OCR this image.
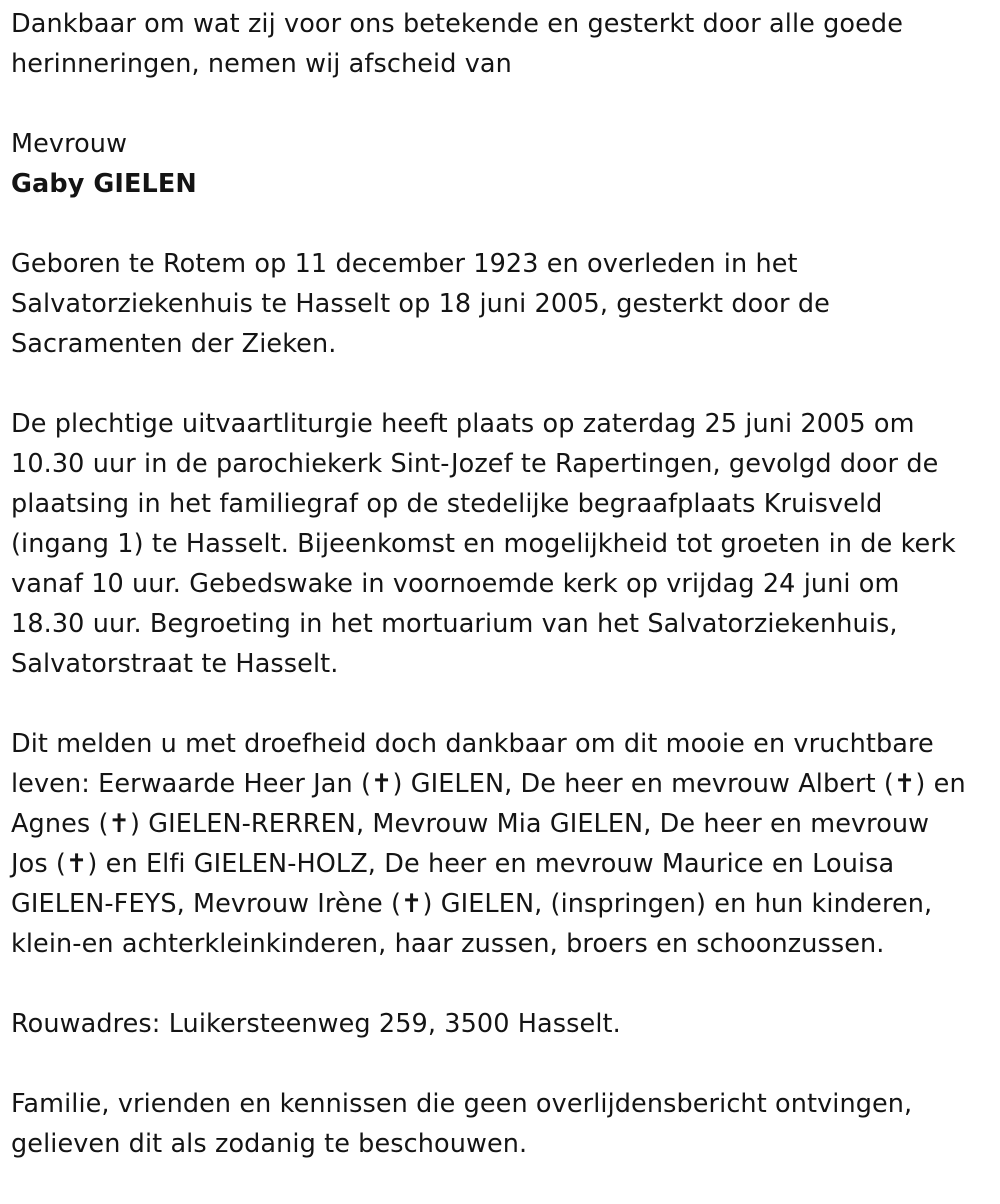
Dankbaar om wat zij voor ons betekende en gesterkt door alle goede
herinneringen, nemen wij afscheid van
Mevrouw
Gaby GIELEN
Geboren te Rotem op 11 december 1923 en overleden in het
Salvatorziekenhuis te Hasselt op 18 juni 2005, gesterkt door de
Sacramenten der Zieken.
De plechtige uitvaartliturgie heeft plaats op zaterdag 25 juni 2005 om
10.30 uur in de parochiekerk Sint-Jozef te Rapertingen, gevolgd door de
plaatsing in het familiegraf op de stedelijke begraafplaats Kruisveld
(ingang 1) te Hasselt. Bijeenkomst en mogelijkheid tot groeten in de kerk
vanaf 10 uur. Gebedswake in voornoemde kerk op vrijdag 24 juni om
18.30 uur. Begroeting in het mortuarium van het Salvatorziekenhuis,
Salvatorstraat te Hasselt.
Dit melden u met droefheid doch dankbaar om dit mooie en vruchtbare
leven: Eerwaarde Heer Jan (✝) GIELEN, De heer en mevrouw Albert (✝) en
Agnes (✝) GIELEN-RERREN, Mevrouw Mia GIELEN, De heer en mevrouw
Jos (✝) en Elfi GIELEN-HOLZ, De heer en mevrouw Maurice en Louisa
GIELEN-FEYS, Mevrouw Irène (✝) GIELEN, (inspringen) en hun kinderen,
klein-en achterkleinkinderen, haar zussen, broers en schoonzussen.
Rouwadres: Luikersteenweg 259, 3500 Hasselt.
Familie, vrienden en kennissen die geen overlijdensbericht ontvingen,
gelieven dit als zodanig te beschouwen.
